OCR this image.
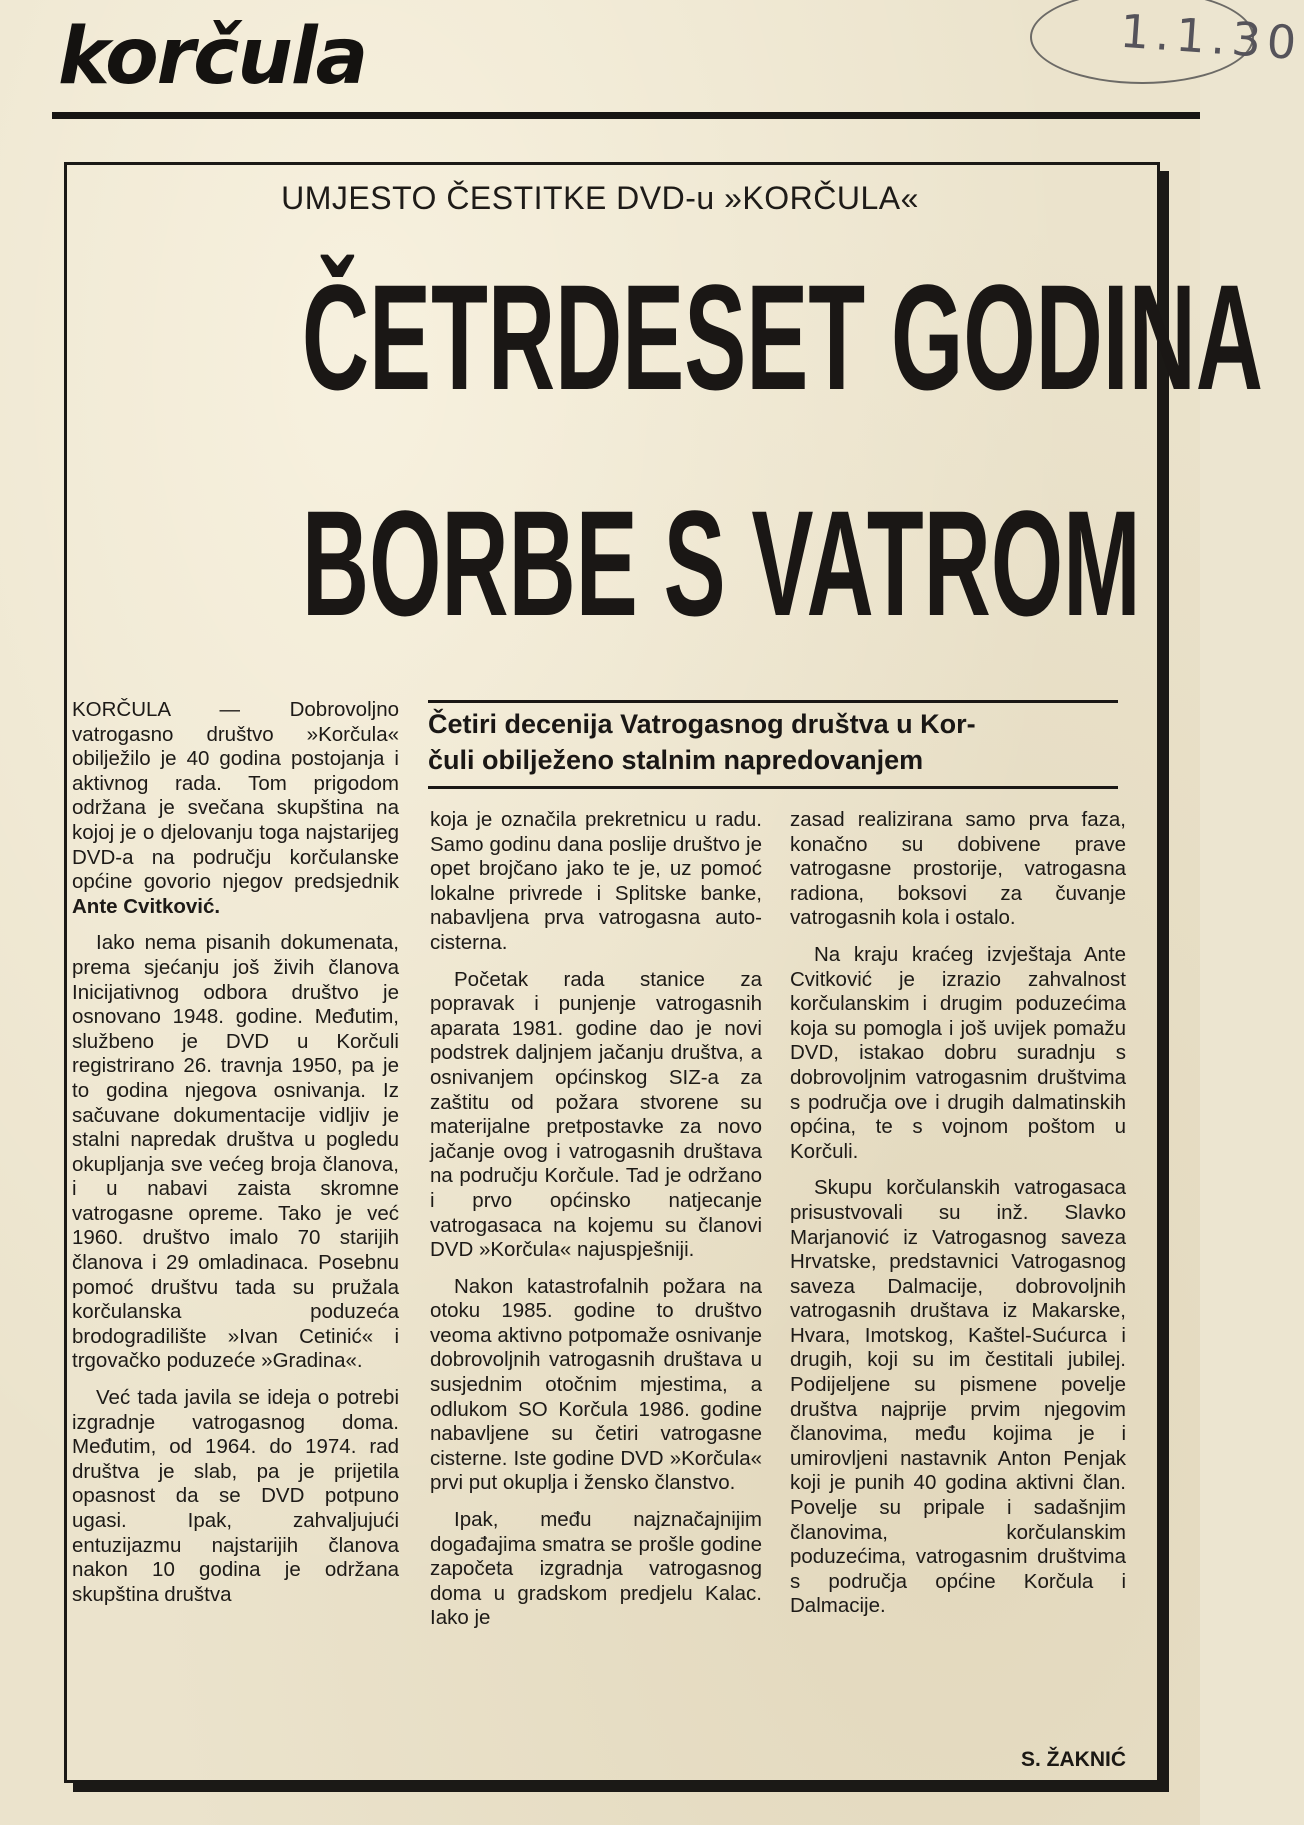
1.1.30
korčula
UMJESTO ČESTITKE DVD-u »KORČULA«
ČETRDESET GODINA
BORBE S VATROM
Četiri decenija Vatrogasnog društva u Kor-
čuli obilježeno stalnim napredovanjem

KORČULA — Dobrovoljno vatrogasno društvo »Korčula« obilježilo je 40 godina postojanja i aktivnog rada. Tom prigodom održana je svečana skupština na kojoj je o djelovanju toga najstarijeg DVD-a na području korčulanske općine govorio njegov predsjednik Ante Cvitković.

Iako nema pisanih dokumenata, prema sjećanju još živih članova Inicijativnog odbora društvo je osnovano 1948. godine. Međutim, službeno je DVD u Korčuli registrirano 26. travnja 1950, pa je to godina njegova osnivanja. Iz sačuvane dokumentacije vidljiv je stalni napredak društva u pogledu okupljanja sve većeg broja članova, i u nabavi zaista skromne vatrogasne opreme. Tako je već 1960. društvo imalo 70 starijih članova i 29 omladinaca. Posebnu pomoć društvu tada su pružala korčulanska poduzeća brodogradilište »Ivan Cetinić« i trgovačko poduzeće »Gradina«.

Već tada javila se ideja o potrebi izgradnje vatrogasnog doma. Međutim, od 1964. do 1974. rad društva je slab, pa je prijetila opasnost da se DVD potpuno ugasi. Ipak, zahvaljujući entuzijazmu najstarijih članova nakon 10 godina je održana skupština društva

koja je označila prekretnicu u radu. Samo godinu dana poslije društvo je opet brojčano jako te je, uz pomoć lokalne privrede i Splitske banke, nabavljena prva vatrogasna auto-cisterna.

Početak rada stanice za popravak i punjenje vatrogasnih aparata 1981. godine dao je novi podstrek daljnjem jačanju društva, a osnivanjem općinskog SIZ-a za zaštitu od požara stvorene su materijalne pretpostavke za novo jačanje ovog i vatrogasnih društava na području Korčule. Tad je održano i prvo općinsko natjecanje vatrogasaca na kojemu su članovi DVD »Korčula« najuspješniji.

Nakon katastrofalnih požara na otoku 1985. godine to društvo veoma aktivno potpomaže osnivanje dobrovoljnih vatrogasnih društava u susjednim otočnim mjestima, a odlukom SO Korčula 1986. godine nabavljene su četiri vatrogasne cisterne. Iste godine DVD »Korčula« prvi put okuplja i žensko članstvo.

Ipak, među najznačajnijim događajima smatra se prošle godine započeta izgradnja vatrogasnog doma u gradskom predjelu Kalac. Iako je

zasad realizirana samo prva faza, konačno su dobivene prave vatrogasne prostorije, vatrogasna radiona, boksovi za čuvanje vatrogasnih kola i ostalo.

Na kraju kraćeg izvještaja Ante Cvitković je izrazio zahvalnost korčulanskim i drugim poduzećima koja su pomogla i još uvijek pomažu DVD, istakao dobru suradnju s dobrovoljnim vatrogasnim društvima s područja ove i drugih dalmatinskih općina, te s vojnom poštom u Korčuli.

Skupu korčulanskih vatrogasaca prisustvovali su inž. Slavko Marjanović iz Vatrogasnog saveza Hrvatske, predstavnici Vatrogasnog saveza Dalmacije, dobrovoljnih vatrogasnih društava iz Makarske, Hvara, Imotskog, Kaštel-Sućurca i drugih, koji su im čestitali jubilej. Podijeljene su pismene povelje društva najprije prvim njegovim članovima, među kojima je i umirovljeni nastavnik Anton Penjak koji je punih 40 godina aktivni član. Povelje su pripale i sadašnjim članovima, korčulanskim poduzećima, vatrogasnim društvima s područja općine Korčula i Dalmacije.

S. ŽAKNIĆ
